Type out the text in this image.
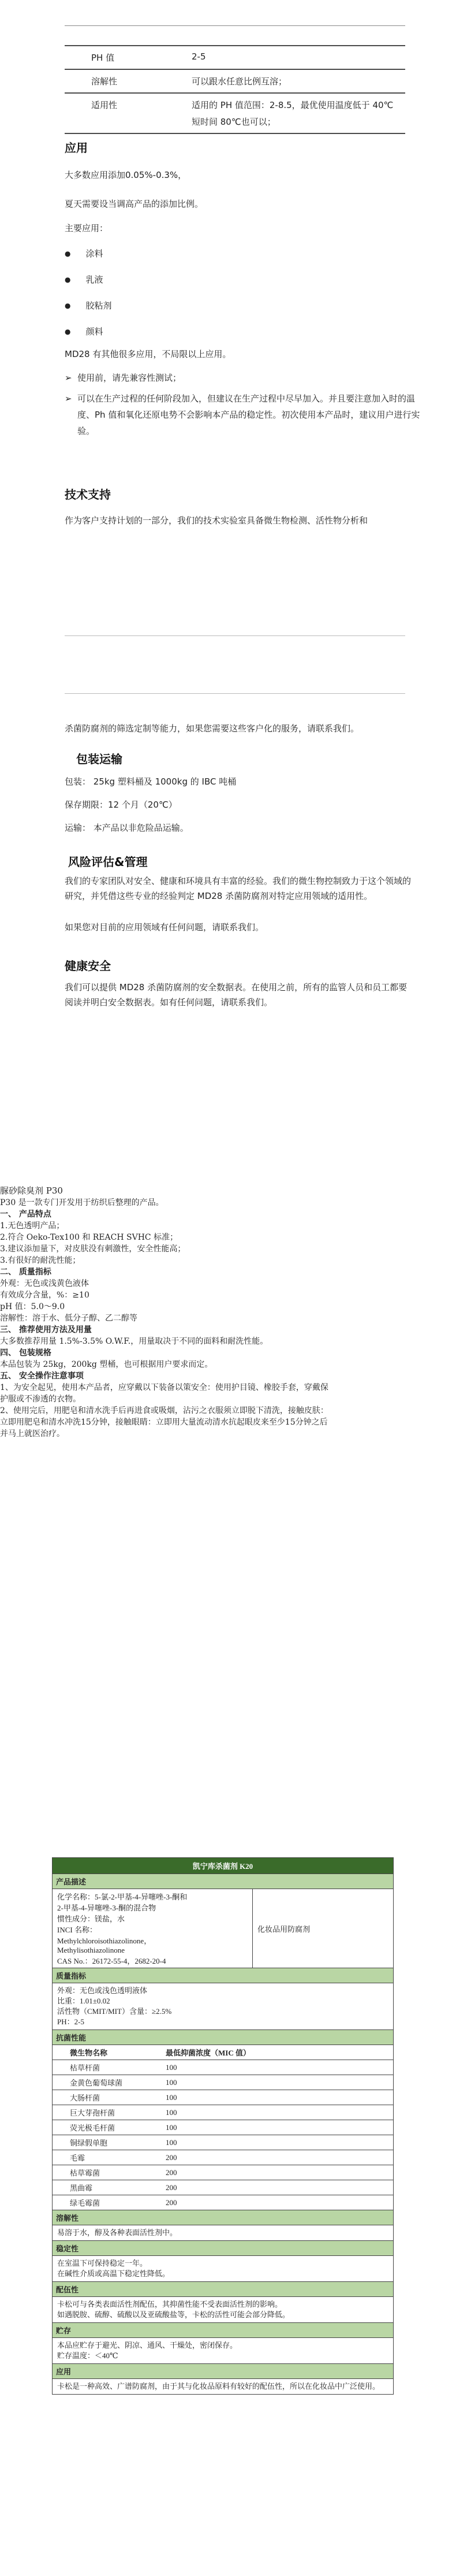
PH 值	2-5
溶解性	可以跟水任意比例互溶；
适用性	适用的 PH 值范围：2-8.5，最优使用温度低于 40℃
短时间 80℃也可以；
应用
大多数应用添加0.05%-0.3%，
夏天需要设当调高产品的添加比例。
主要应用：
● 涂料
● 乳液
● 胶粘剂
● 颜料
MD28 有其他很多应用，不局限以上应用。
➢ 使用前，请先兼容性测试；
➢ 可以在生产过程的任何阶段加入，但建议在生产过程中尽早加入。并且要注意加入时的温度、Ph 值和氧化还原电势不会影响本产品的稳定性。初次使用本产品时，建议用户进行实验。
技术支持
作为客户支持计划的一部分，我们的技术实验室具备微生物检测、活性物分析和
杀菌防腐剂的筛选定制等能力，如果您需要这些客户化的服务，请联系我们。
包装运输
包装： 25kg 塑料桶及 1000kg 的 IBC 吨桶
保存期限：12 个月（20℃）
运输： 本产品以非危险品运输。
风险评估&管理
我们的专家团队对安全、健康和环境具有丰富的经验。我们的微生物控制致力于这个领域的研究，并凭借这些专业的经验判定 MD28 杀菌防腐剂对特定应用领域的适用性。
如果您对目前的应用领域有任何问题，请联系我们。
健康安全
我们可以提供 MD28 杀菌防腐剂的安全数据表。在使用之前，所有的监管人员和员工都要阅读并明白安全数据表。如有任何问题，请联系我们。
脲砂除臭剂 P30
P30 是一款专门开发用于纺织后整理的产品。
一、 产品特点
1.无色透明产品；
2.符合 Oeko-Tex100 和 REACH SVHC 标准；
3.建议添加量下，对皮肤没有刺激性，安全性能高；
3.有很好的耐洗性能；
二、 质量指标
外观：无色或浅黄色液体
有效成分含量，%：≥10
pH 值：5.0～9.0
溶解性：溶于水、低分子醇、乙二醇等
三、 推荐使用方法及用量
大多数推荐用量 1.5%-3.5% O.W.F.，用量取决于不同的面料和耐洗性能。
四、 包装规格
本品包装为 25kg，200kg 塑桶，也可根据用户要求而定。
五、 安全操作注意事项
1、为安全起见，使用本产品者，应穿戴以下装备以策安全：使用护目镜、橡胶手套，穿戴保护服或不渗透的衣物。
2、使用完后，用肥皂和清水洗手后再进食或吸烟，沾污之衣服须立即脱下清洗，接触皮肤：立即用肥皂和清水冲洗15分钟，接触眼睛：立即用大量流动清水抗起眼皮来至少15分钟之后并马上就医治疗。
凯宁库杀菌剂 K20
产品描述
化学名称：5-氯-2-甲基-4-异噻唑-3-酮和
2-甲基-4-异噻唑-3-酮的混合物
惯性成分：镁盐，水
INCI 名称：
Methylchloroisothiazolinone，
Methylisothiazolinone
CAS No.：26172-55-4，2682-20-4
	化妆品用防腐剂
质量指标
外观：无色或浅色透明液体
比重：1.01±0.02
活性物（CMIT/MIT）含量：≥2.5%
PH：2-5
抗菌性能
微生物名称	最低抑菌浓度（MIC 值）
枯草杆菌	100
金黄色葡萄球菌	100
大肠杆菌	100
巨大芽孢杆菌	100
荧光极毛杆菌	100
铜绿假单胞	100
毛霉	200
枯草霉菌	200
黑曲霉	200
绿毛霉菌	200
溶解性
易溶于水，醇及各种表面活性剂中。
稳定性
在室温下可保持稳定一年。
在碱性介质或高温下稳定性降低。
配伍性
卡松可与各类表面活性剂配伍，其抑菌性能不受表面活性剂的影响。
如遇脱胺、硫醇、硫酸以及亚硫酸盐等，卡松的活性可能会部分降低。
贮存
本品应贮存于避光、阴凉、通风、干燥处，密闭保存。
贮存温度：＜40℃
应用
卡松是一种高效、广谱防腐剂，由于其与化妆品原料有较好的配伍性，所以在化妆品中广泛使用。
